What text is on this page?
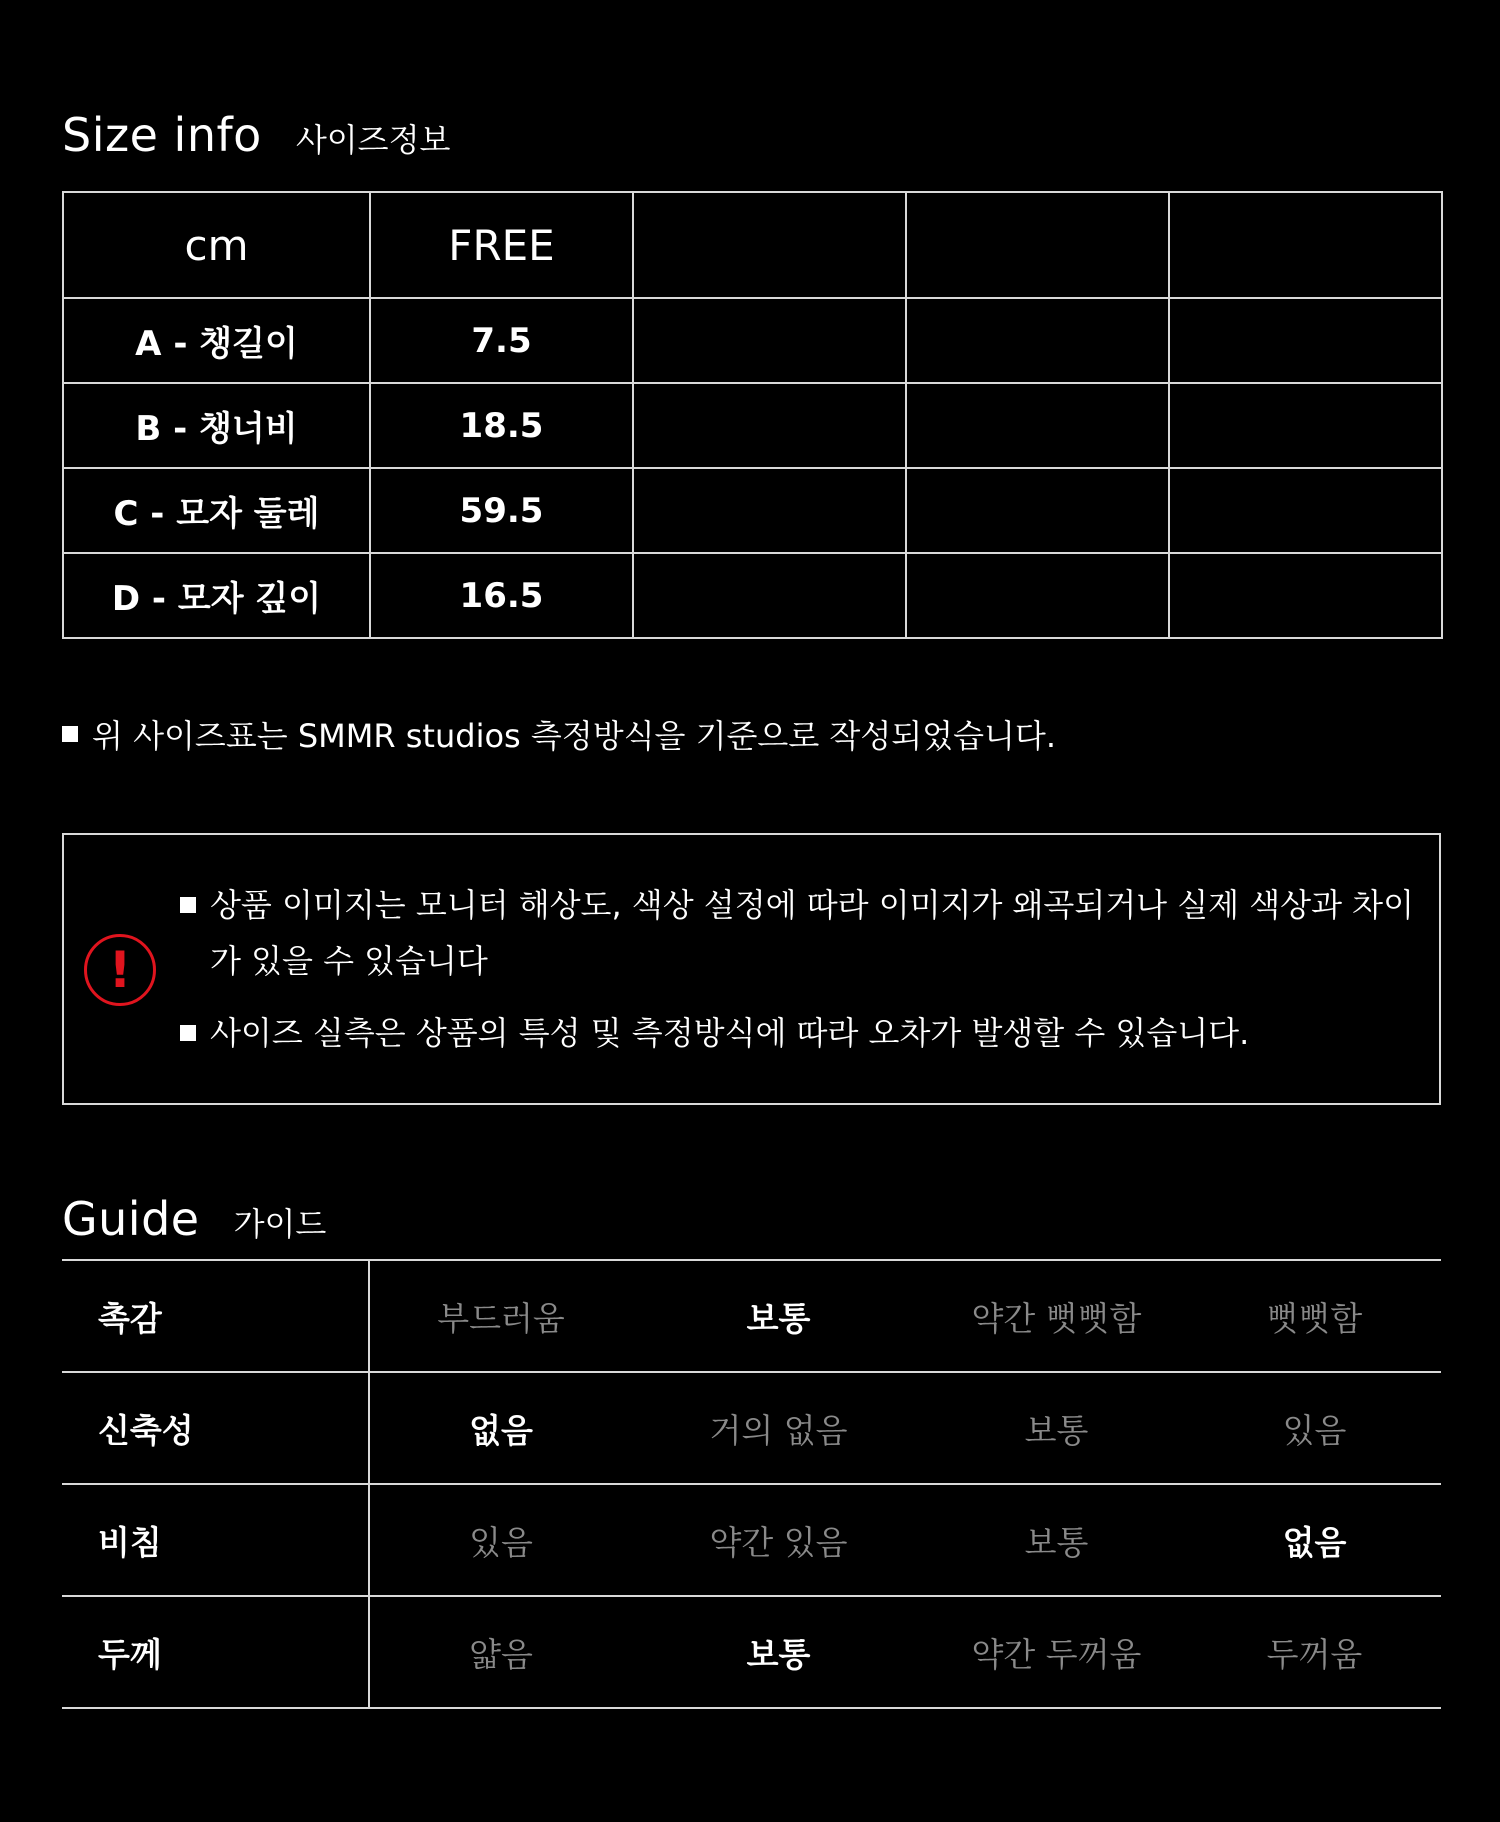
Size info 사이즈정보
cm	FREE			
A - 챙길이	7.5			
B - 챙너비	18.5			
C - 모자 둘레	59.5			
D - 모자 깊이	16.5			
위 사이즈표는 SMMR studios 측정방식을 기준으로 작성되었습니다.
!
상품 이미지는 모니터 해상도, 색상 설정에 따라 이미지가 왜곡되거나 실제 색상과 차이가 있을 수 있습니다
사이즈 실측은 상품의 특성 및 측정방식에 따라 오차가 발생할 수 있습니다.
Guide 가이드
촉감	부드러움	보통	약간 뻣뻣함	뻣뻣함
신축성	없음	거의 없음	보통	있음
비침	있음	약간 있음	보통	없음
두께	얇음	보통	약간 두꺼움	두꺼움
